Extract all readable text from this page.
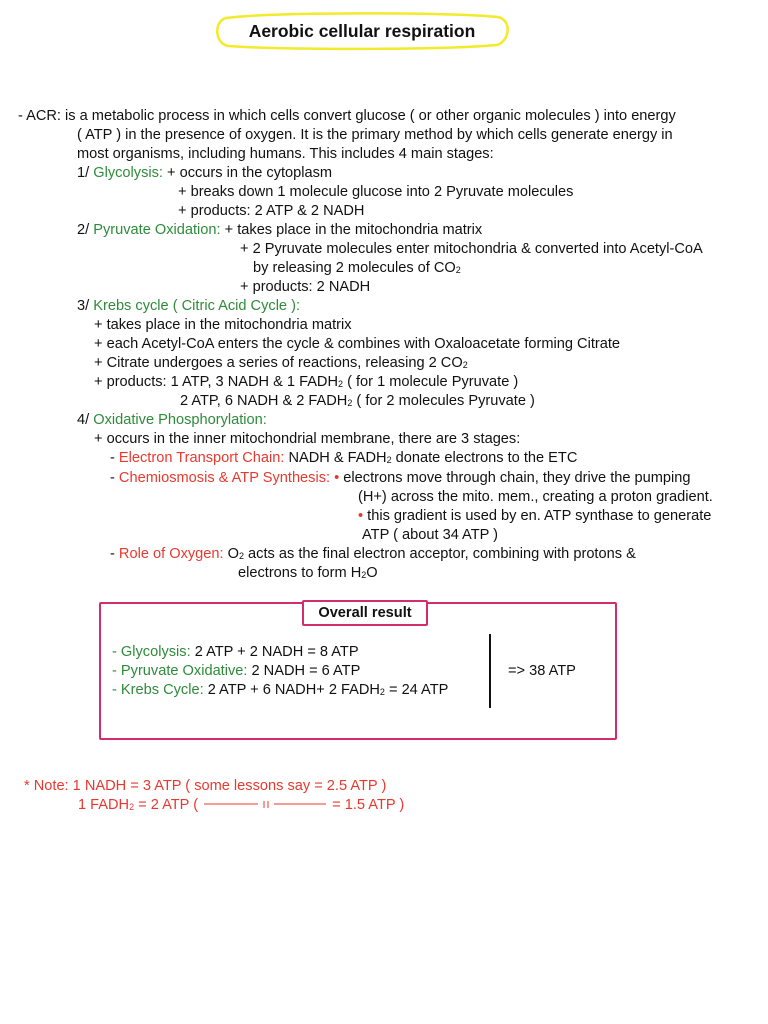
Aerobic cellular respiration
- ACR: is a metabolic process in which cells convert glucose ( or other organic molecules ) into energy
( ATP ) in the presence of oxygen. It is the primary method by which cells generate energy in
most organisms, including humans. This includes 4 main stages:
1/ Glycolysis: + occurs in the cytoplasm
+ breaks down 1 molecule glucose into 2 Pyruvate molecules
+ products: 2 ATP & 2 NADH
2/ Pyruvate Oxidation: + takes place in the mitochondria matrix
+ 2 Pyruvate molecules enter mitochondria & converted into Acetyl-CoA
by releasing 2 molecules of $CO_2$
+ products: 2 NADH
3/ Krebs cycle ( Citric Acid Cycle ):
+ takes place in the mitochondria matrix
+ each Acetyl-CoA enters the cycle & combines with Oxaloacetate forming Citrate
+ Citrate undergoes a series of reactions, releasing 2 $CO_2$
+ products: 1 ATP, 3 NADH & 1 $FADH_2$ ( for 1 molecule Pyruvate )
2 ATP, 6 NADH & 2 $FADH_2$ ( for 2 molecules Pyruvate )
4/ Oxidative Phosphorylation:
+ occurs in the inner mitochondrial membrane, there are 3 stages:
- Electron Transport Chain: NADH & $FADH_2$ donate electrons to the ETC
- Chemiosmosis & ATP Synthesis: • electrons move through chain, they drive the pumping
(H+) across the mito. mem., creating a proton gradient.
• this gradient is used by en. ATP synthase to generate
ATP ( about 34 ATP )
- Role of Oxygen: $O_2$ acts as the final electron acceptor, combining with protons &
electrons to form $H_2O$
Overall result
- Glycolysis: 2 ATP + 2 NADH = 8 ATP
- Pyruvate Oxidative: 2 NADH = 6 ATP
- Krebs Cycle: 2 ATP + 6 NADH+ 2 $FADH_2 = 24$ ATP
=> 38 ATP
* Note: 1 NADH = 3 ATP ( some lessons say = 2.5 ATP )
1 $FADH_2 = 2$ ATP (	= 1.5 ATP )
